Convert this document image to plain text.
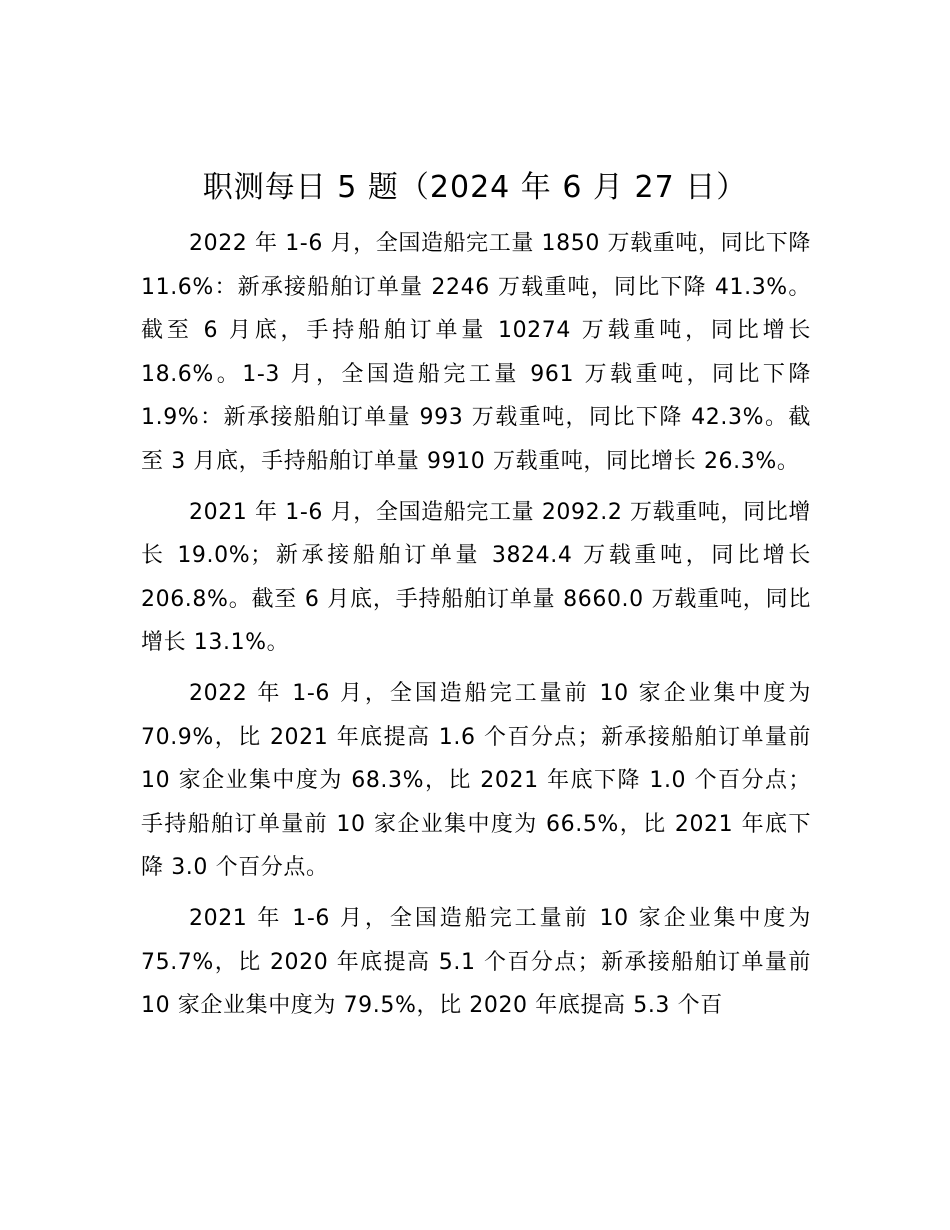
职测每日 5 题（2024 年 6 月 27 日）

2022 年 1-6 月，全国造船完工量 1850 万载重吨，同比下降 11.6%：新承接船舶订单量 2246 万载重吨，同比下降 41.3%。截至 6 月底，手持船舶订单量 10274 万载重吨，同比增长 18.6%。1-3 月，全国造船完工量 961 万载重吨，同比下降 1.9%：新承接船舶订单量 993 万载重吨，同比下降 42.3%。截至 3 月底，手持船舶订单量 9910 万载重吨，同比增长 26.3%。

2021 年 1-6 月，全国造船完工量 2092.2 万载重吨，同比增长 19.0%；新承接船舶订单量 3824.4 万载重吨，同比增长 206.8%。截至 6 月底，手持船舶订单量 8660.0 万载重吨，同比增长 13.1%。

2022 年 1-6 月，全国造船完工量前 10 家企业集中度为 70.9%，比 2021 年底提高 1.6 个百分点；新承接船舶订单量前 10 家企业集中度为 68.3%，比 2021 年底下降 1.0 个百分点；手持船舶订单量前 10 家企业集中度为 66.5%，比 2021 年底下降 3.0 个百分点。

2021 年 1-6 月，全国造船完工量前 10 家企业集中度为 75.7%，比 2020 年底提高 5.1 个百分点；新承接船舶订单量前 10 家企业集中度为 79.5%，比 2020 年底提高 5.3 个百
